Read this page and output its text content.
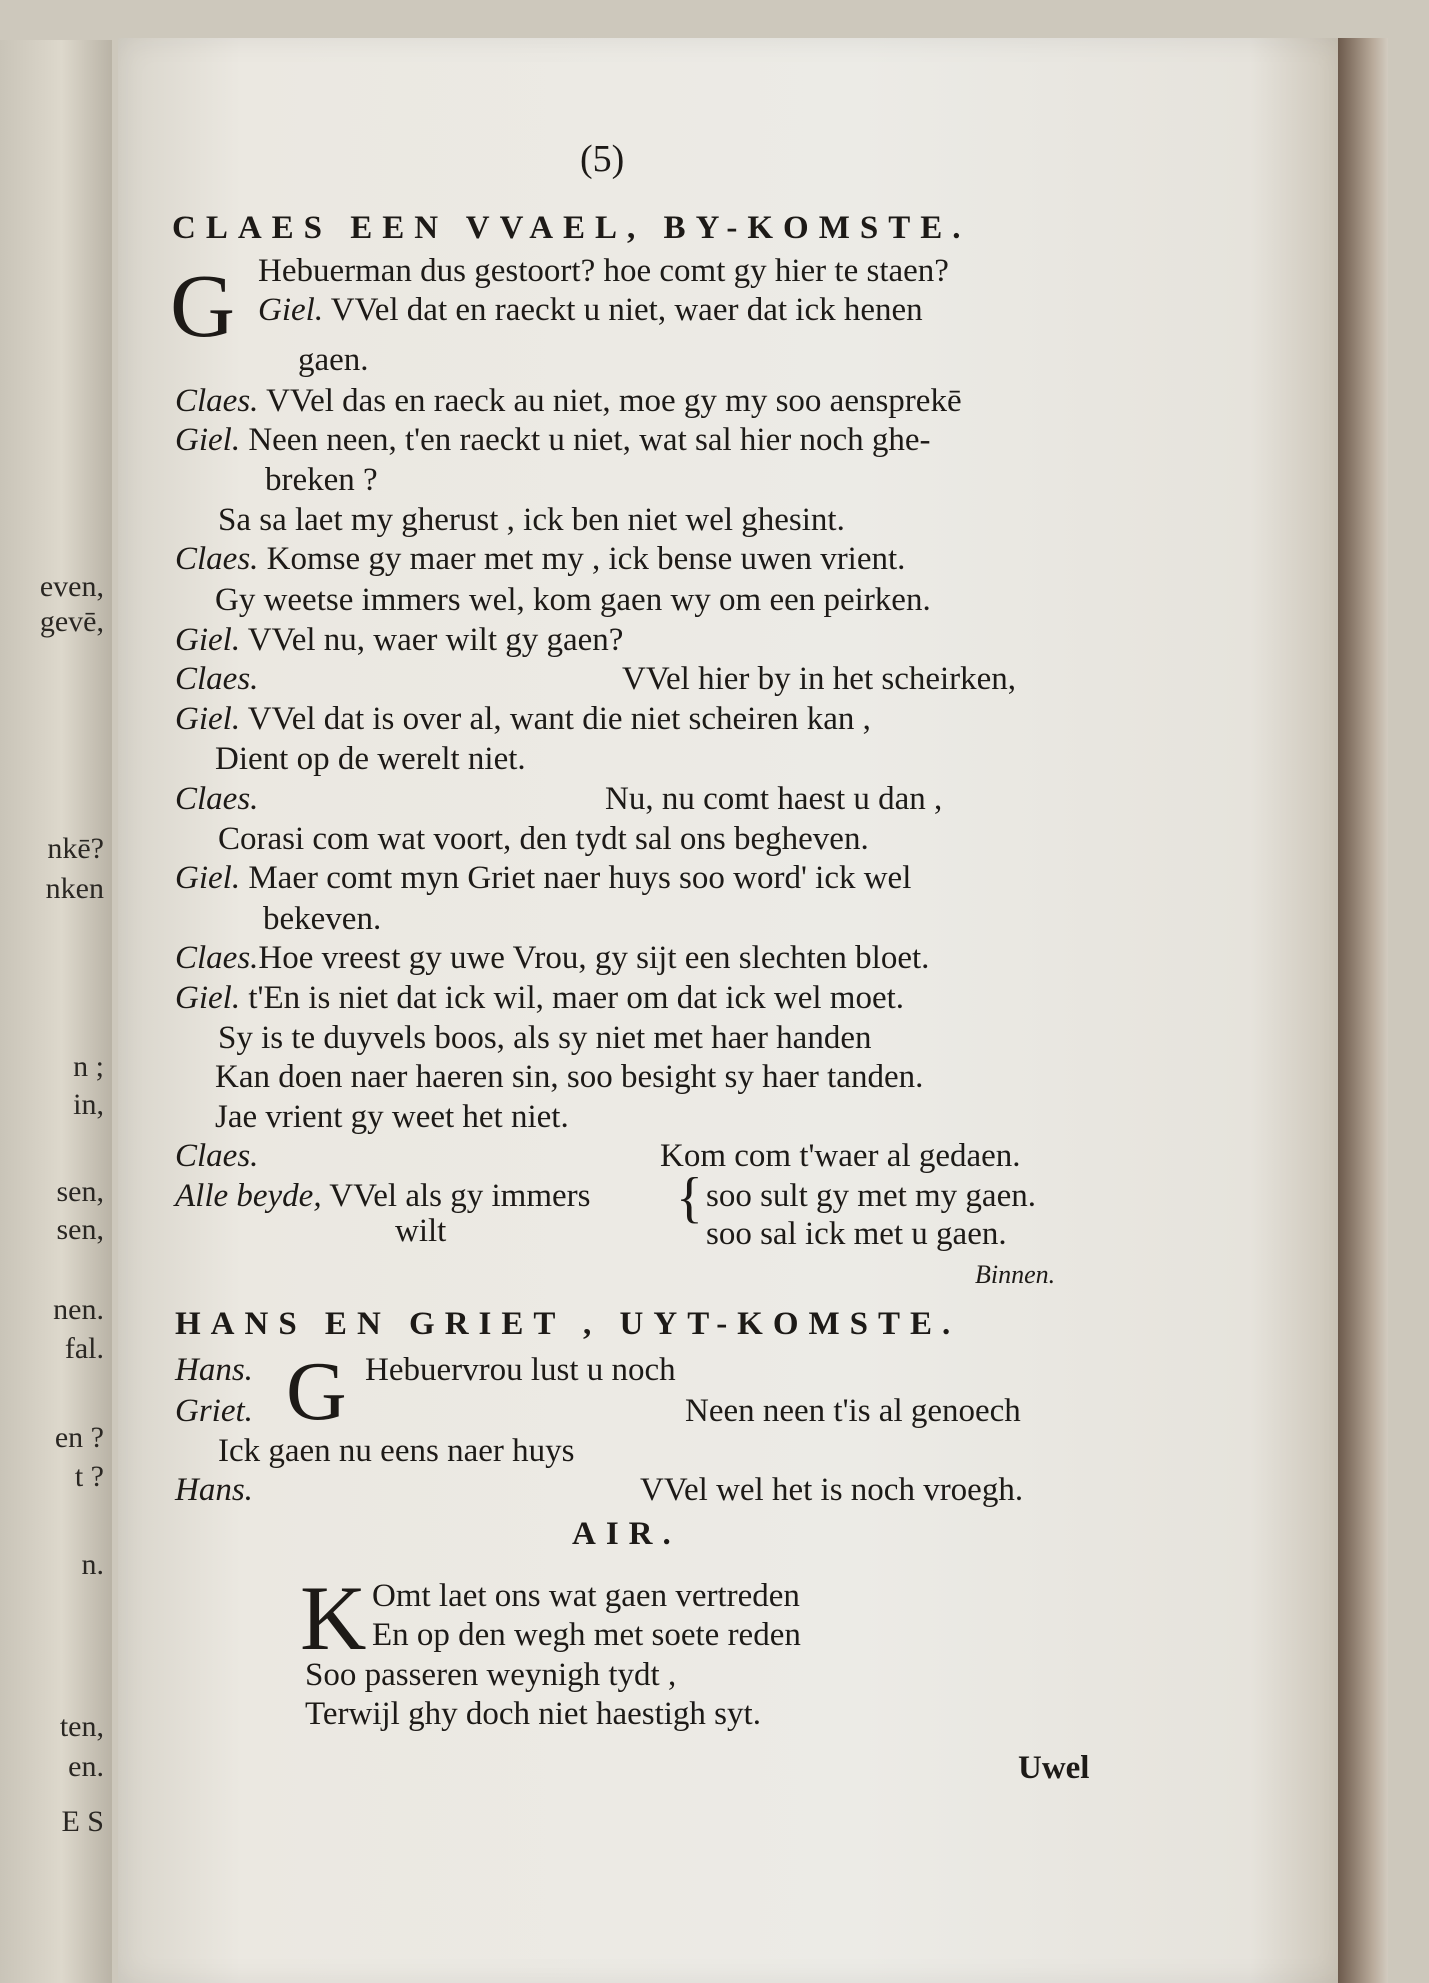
even,
gevē,
nkē?
nken
n ;
in,
sen,
sen,
nen.
fal.
en ?
t ?
n.
ten,
en.
E S
(5)
CLAES EEN VVAEL, BY-KOMSTE.
G Hebuerman dus gestoort? hoe comt gy hier te staen?
Giel. VVel dat en raeckt u niet, waer dat ick henen
gaen.
Claes. VVel das en raeck au niet, moe gy my soo aensprekē
Giel. Neen neen, t'en raeckt u niet, wat sal hier noch ghe-
breken ?
Sa sa laet my gherust , ick ben niet wel ghesint.
Claes. Komse gy maer met my , ick bense uwen vrient.
Gy weetse immers wel, kom gaen wy om een peirken.
Giel. VVel nu, waer wilt gy gaen?
Claes.	VVel hier by in het scheirken,
Giel. VVel dat is over al, want die niet scheiren kan ,
Dient op de werelt niet.
Claes.	Nu, nu comt haest u dan ,
Corasi com wat voort, den tydt sal ons begheven.
Giel. Maer comt myn Griet naer huys soo word' ick wel
bekeven.
Claes.Hoe vreest gy uwe Vrou, gy sijt een slechten bloet.
Giel. t'En is niet dat ick wil, maer om dat ick wel moet.
Sy is te duyvels boos, als sy niet met haer handen
Kan doen naer haeren sin, soo besight sy haer tanden.
Jae vrient gy weet het niet.
Claes.	Kom com t'waer al gedaen.
Alle beyde, VVel als gy immers
wilt
{ soo sult gy met my gaen.
soo sal ick met u gaen.
Binnen.
HANS EN GRIET , UYT-KOMSTE.
Hans. G Hebuervrou lust u noch
Griet.	Neen neen t'is al genoech
Ick gaen nu eens naer huys
Hans.	VVel wel het is noch vroegh.
AIR.
K Omt laet ons wat gaen vertreden
En op den wegh met soete reden
Soo passeren weynigh tydt ,
Terwijl ghy doch niet haestigh syt.
Uwel
